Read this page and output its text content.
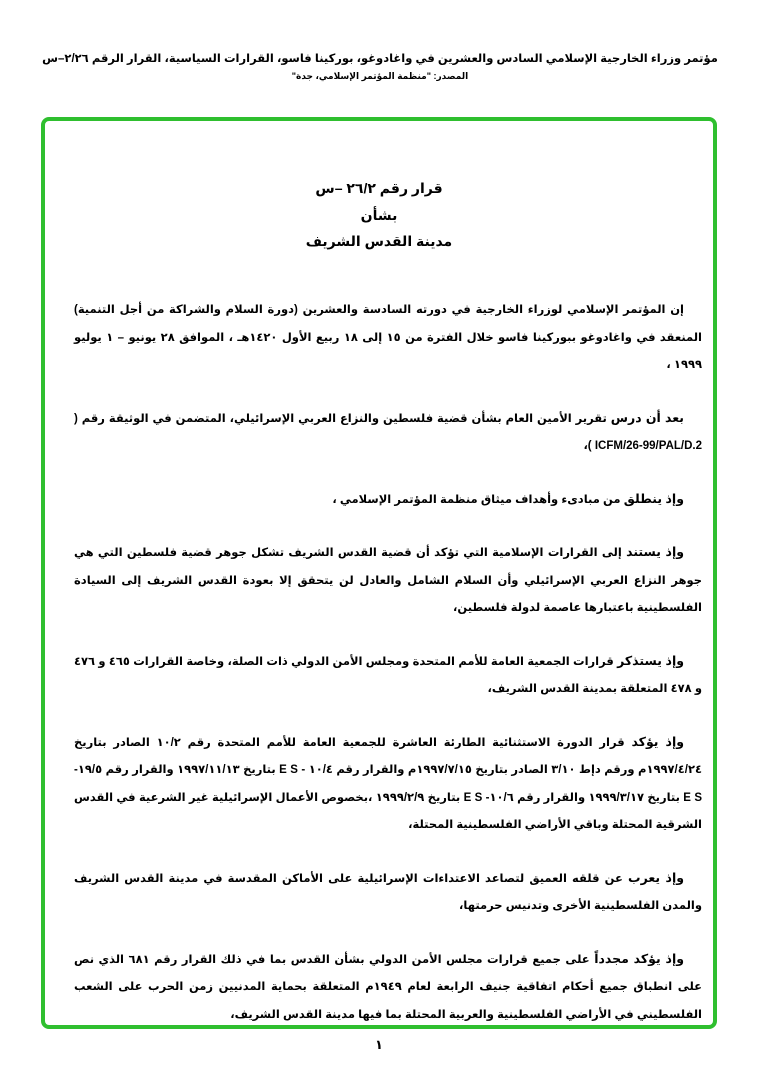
مؤتمر وزراء الخارجية الإسلامي السادس والعشرين في واغادوغو، بوركينا فاسو، القرارات السياسية، القرار الرقم ٢/٢٦–س
المصدر: "منظمة المؤتمر الإسلامي، جدة"
قرار رقم ٢٦/٢ –س
بشأن
مدينة القدس الشريف

إن المؤتمر الإسلامي لوزراء الخارجية في دورته السادسة والعشرين (دورة السلام والشراكة من أجل التنمية) المنعقد في واغادوغو ببوركينا فاسو خلال الفترة من ١٥ إلى ١٨ ربيع الأول ١٤٢٠هـ ، الموافق ٢٨ يونيو – ١ يوليو ١٩٩٩ ،

بعد أن درس تقرير الأمين العام بشأن قضية فلسطين والنزاع العربي الإسرائيلي، المتضمن في الوثيقة رقم ( ICFM/26-99/PAL/D.2 )،

وإذ ينطلق من مبادىء وأهداف ميثاق منظمة المؤتمر الإسلامي ،

وإذ يستند إلى القرارات الإسلامية التي تؤكد أن قضية القدس الشريف تشكل جوهر قضية فلسطين التي هي جوهر النزاع العربي الإسرائيلي وأن السلام الشامل والعادل لن يتحقق إلا بعودة القدس الشريف إلى السيادة الفلسطينية باعتبارها عاصمة لدولة فلسطين،

وإذ يستذكر قرارات الجمعية العامة للأمم المتحدة ومجلس الأمن الدولي ذات الصلة، وخاصة القرارات ٤٦٥ و ٤٧٦ و ٤٧٨ المتعلقة بمدينة القدس الشريف،

وإذ يؤكد قرار الدورة الاستثنائية الطارئة العاشرة للجمعية العامة للأمم المتحدة رقم ١٠/٢ الصادر بتاريخ ١٩٩٧/٤/٢٤م ورقم دإط ٣/١٠ الصادر بتاريخ ١٩٩٧/٧/١٥م والقرار رقم ١٠/٤ - E S بتاريخ ١٩٩٧/١١/١٣ والقرار رقم ١٩/٥- E S بتاريخ ١٩٩٩/٣/١٧ والقرار رقم ١٠/٦- E S بتاريخ ١٩٩٩/٢/٩ ،بخصوص الأعمال الإسرائيلية غير الشرعية في القدس الشرقية المحتلة وباقي الأراضي الفلسطينية المحتلة،

وإذ يعرب عن قلقه العميق لتصاعد الاعتداءات الإسرائيلية على الأماكن المقدسة في مدينة القدس الشريف والمدن الفلسطينية الأخرى وتدنيس حرمتها،

وإذ يؤكد مجدداً على جميع قرارات مجلس الأمن الدولي بشأن القدس بما في ذلك القرار رقم ٦٨١ الذي نص على انطباق جميع أحكام اتفاقية جنيف الرابعة لعام ١٩٤٩م المتعلقة بحماية المدنيين زمن الحرب على الشعب الفلسطيني في الأراضي الفلسطينية والعربية المحتلة بما فيها مدينة القدس الشريف،

١
